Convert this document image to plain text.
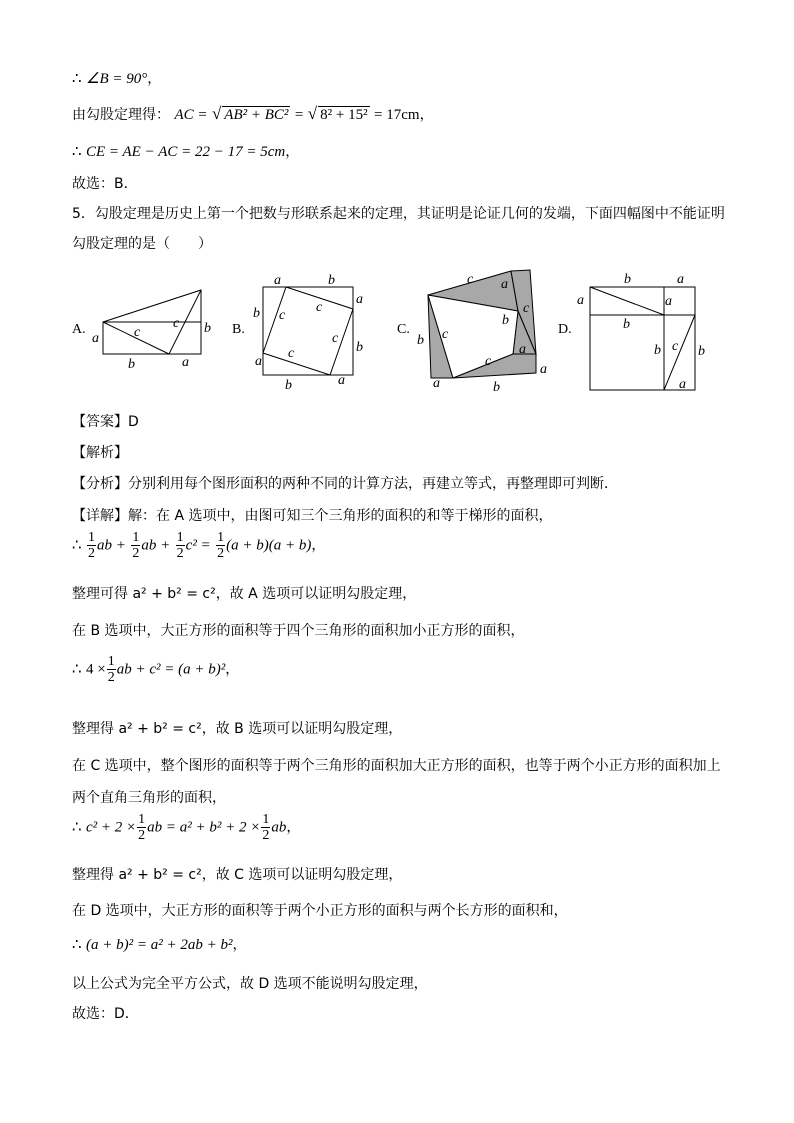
∴ ∠B = 90°，
由勾股定理得： AC = √ AB² + BC² = √ 8² + 15² = 17cm，
∴ CE = AE − AC = 22 − 17 = 5cm，
故选：B．
5．勾股定理是历史上第一个把数与形联系起来的定理，其证明是论证几何的发端，下面四幅图中不能证明
勾股定理的是（　　）
A.
a
b
c
c b
a
B.
a	b
a
b
a
b
b
a
c
c
c
c
C.
c a
c
b
a
a
a	b
b c
c
D.
a
b	a
a
b
b c b
a
【答案】D
【解析】
【分析】分别利用每个图形面积的两种不同的计算方法，再建立等式，再整理即可判断．
【详解】解：在 A 选项中，由图可知三个三角形的面积的和等于梯形的面积，
∴ $\frac{1}{2}$ ab + $\frac{1}{2}$ ab + $\frac{1}{2} c^2 = \frac{1}{2} (a + b)(a + b)$，
整理可得 a² + b² = c²，故 A 选项可以证明勾股定理，
在 B 选项中，大正方形的面积等于四个三角形的面积加小正方形的面积，
∴ $4 \times \frac{1}{2}$ ab + c² = (a + b)²，
整理得 a² + b² = c²，故 B 选项可以证明勾股定理，
在 C 选项中，整个图形的面积等于两个三角形的面积加大正方形的面积，也等于两个小正方形的面积加上
两个直角三角形的面积，
∴ $c^2 + 2 \times \frac{1}{2}$ ab = $a^2 + b^2 + 2 \times \frac{1}{2}$ ab，
整理得 a² + b² = c²，故 C 选项可以证明勾股定理，
在 D 选项中，大正方形的面积等于两个小正方形的面积与两个长方形的面积和，
∴ (a + b)² = a² + 2ab + b²，
以上公式为完全平方公式，故 D 选项不能说明勾股定理，
故选：D．
